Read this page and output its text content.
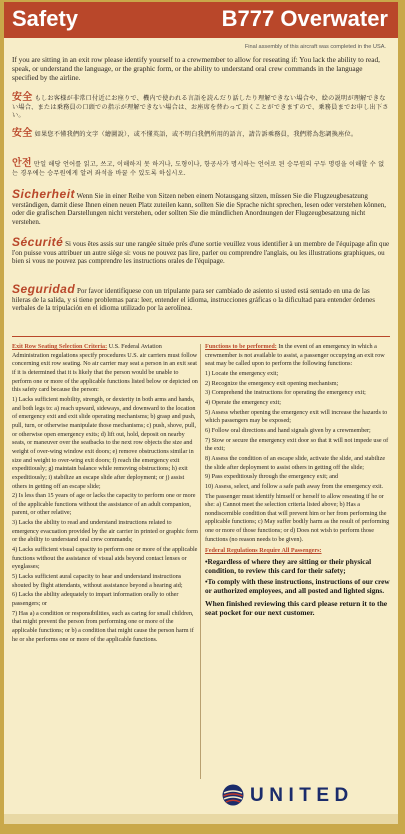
Safety	B777 Overwater
Final assembly of this aircraft was completed in the USA.
If you are sitting in an exit row please identify yourself to a crewmember to allow for reseating if: You lack the ability to read, speak, or understand the language, or the graphic form, or the ability to understand oral crew commands in the language specified by the airline.
安全 もしお客様が非常口付近にお座りで、機内で使われる言語を読んだり話したり理解できない場合や、絵の説明が理解できない場合、または乗務員の口頭での指示が理解できない場合は、お座席を替わって頂くことができますので、乗務員までお申し出下さい。
安全 如果您不懂我們的文字（繪圖說），或不懂英語，或不明白我們所用的語言，請告訴乘務員，我們將為您調換座位。
안전 만일 해당 언어를 읽고, 쓰고, 이해하지 못 하거나, 도형이나, 항공사가 명시하는 언어로 된 승무원의 구두 명령을 이해할 수 없는 경우에는 승무원에게 알려 좌석을 바꿀 수 있도록 하십시오.
Sicherheit Wenn Sie in einer Reihe von Sitzen neben einem Notausgang sitzen, müssen Sie die Flugzeugbesatzung verständigen, damit diese Ihnen einen neuen Platz zuteilen kann, sollten Sie die Sprache nicht sprechen, lesen oder verstehen können, oder die grafischen Darstellungen nicht verstehen, oder sollten Sie die mündlichen Anordnungen der Flugzeugbesatzung nicht verstehen.
Sécurité Si vous êtes assis sur une rangée située près d'une sortie veuillez vous identifier à un membre de l'équipage afin que l'on puisse vous attribuer un autre siège si: vous ne pouvez pas lire, parler ou comprendre l'anglais, ou les illustrations graphiques, ou bien si vous ne pouvez pas comprendre les instructions orales de l'équipage.
Seguridad Por favor identifíquese con un tripulante para ser cambiado de asiento si usted está sentado en una de las hileras de la salida, y si tiene problemas para: leer, entender el idioma, instrucciones gráficas o la dificultad para entender órdenes verbales de la tripulación en el idioma utilizado por la aerolínea.

Exit Row Seating Selection Criteria: U.S. Federal Aviation Administration regulations specify procedures U.S. air carriers must follow concerning exit row seating. No air carrier may seat a person in an exit seat if it is determined that it is likely that the person would be unable to perform one or more of the applicable functions listed below or depicted on this safety card because the person:

1) Lacks sufficient mobility, strength, or dexterity in both arms and hands, and both legs to: a) reach upward, sideways, and downward to the location of emergency exit and exit slide operating mechanisms; b) grasp and push, pull, turn, or otherwise manipulate those mechanisms; c) push, shove, pull, or otherwise open emergency exits; d) lift out, hold, deposit on nearby seats, or maneuver over the seatbacks to the next row objects the size and weight of over-wing window exit doors; e) remove obstructions similar in size and weight to over-wing exit doors; f) reach the emergency exit expeditiously; g) maintain balance while removing obstructions; h) exit expeditiously; i) stabilize an escape slide after deployment; or j) assist others in getting off an escape slide;

2) Is less than 15 years of age or lacks the capacity to perform one or more of the applicable functions without the assistance of an adult companion, parent, or other relative;

3) Lacks the ability to read and understand instructions related to emergency evacuation provided by the air carrier in printed or graphic form or the ability to understand oral crew commands;

4) Lacks sufficient visual capacity to perform one or more of the applicable functions without the assistance of visual aids beyond contact lenses or eyeglasses;

5) Lacks sufficient aural capacity to hear and understand instructions shouted by flight attendants, without assistance beyond a hearing aid;

6) Lacks the ability adequately to impart information orally to other passengers; or

7) Has a) a condition or responsibilities, such as caring for small children, that might prevent the person from performing one or more of the applicable functions; or b) a condition that might cause the person harm if he or she performs one or more of the applicable functions.

Functions to be performed: In the event of an emergency in which a crewmember is not available to assist, a passenger occupying an exit row seat may be called upon to perform the following functions:

1) Locate the emergency exit;

2) Recognize the emergency exit opening mechanism;

3) Comprehend the instructions for operating the emergency exit;

4) Operate the emergency exit;

5) Assess whether opening the emergency exit will increase the hazards to which passengers may be exposed;

6) Follow oral directions and hand signals given by a crewmember;

7) Stow or secure the emergency exit door so that it will not impede use of the exit;

8) Assess the condition of an escape slide, activate the slide, and stabilize the slide after deployment to assist others in getting off the slide;

9) Pass expeditiously through the emergency exit; and

10) Assess, select, and follow a safe path away from the emergency exit.

The passenger must identify himself or herself to allow reseating if he or she: a) Cannot meet the selection criteria listed above; b) Has a nondiscernible condition that will prevent him or her from performing the applicable functions; c) May suffer bodily harm as the result of performing one or more of those functions; or d) Does not wish to perform those functions (no reason needs to be given).

Federal Regulations Require All Passengers:

•Regardless of where they are sitting or their physical condition, to review this card for their safety;

•To comply with these instructions, instructions of our crew or authorized employees, and all posted and lighted signs.

When finished reviewing this card please return it to the seat pocket for our next customer.

UNITED
